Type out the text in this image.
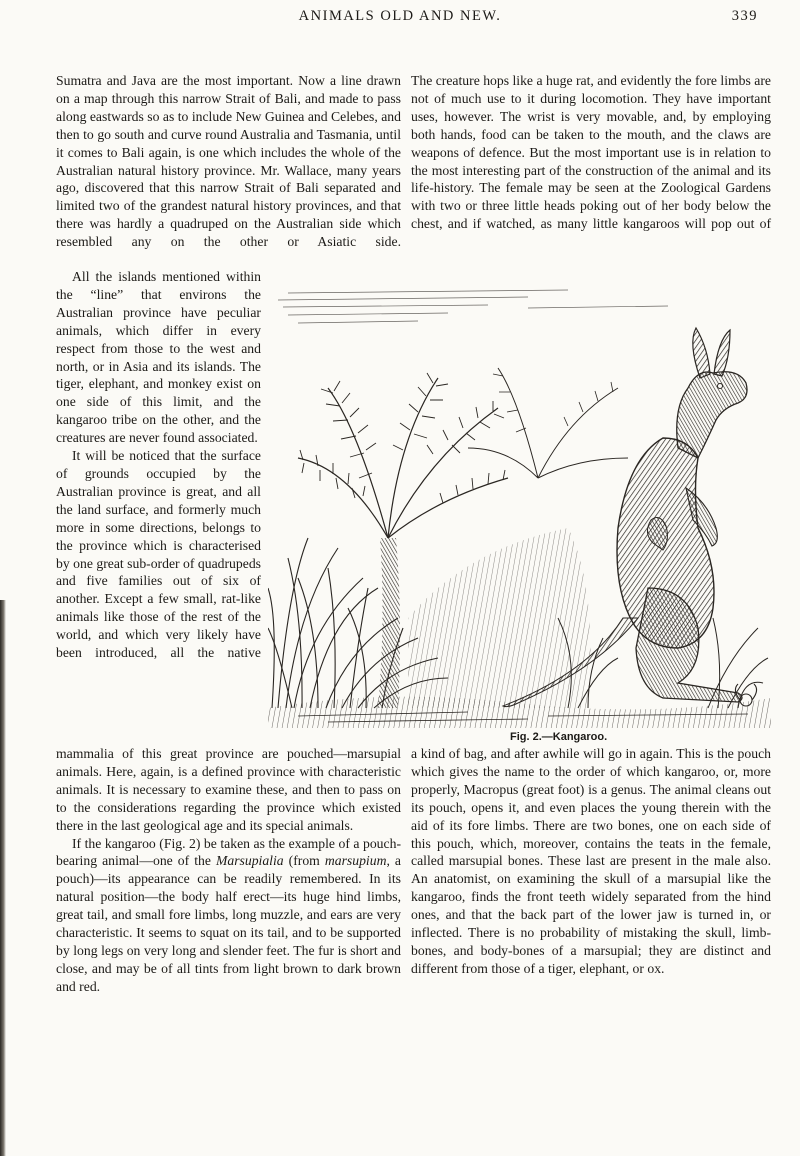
ANIMALS OLD AND NEW.	339

Sumatra and Java are the most important. Now a line drawn on a map through this narrow Strait of Bali, and made to pass along eastwards so as to include New Guinea and Celebes, and then to go south and curve round Australia and Tasmania, until it comes to Bali again, is one which includes the whole of the Australian natural history province. Mr. Wallace, many years ago, discovered that this narrow Strait of Bali separated and limited two of the grandest natural history provinces, and that there was hardly a quadruped on the Australian side which resembled any on the other or Asiatic side.

All the islands mentioned within the “line” that environs the Australian province have peculiar animals, which differ in every respect from those to the west and north, or in Asia and its islands. The tiger, elephant, and monkey exist on one side of this limit, and the kangaroo tribe on the other, and the creatures are never found associated.

It will be noticed that the surface of grounds occupied by the Australian province is great, and all the land surface, and formerly much more in some directions, belongs to the province which is characterised by one great sub-order of quadrupeds and five families out of six of another. Except a few small, rat-like animals like those of the rest of the world, and which very likely have been introduced, all the native

Fig. 2.—Kangaroo.

mammalia of this great province are pouched—marsupial animals. Here, again, is a defined province with characteristic animals. It is necessary to examine these, and then to pass on to the considerations regarding the province which existed there in the last geological age and its special animals.

If the kangaroo (Fig. 2) be taken as the example of a pouch-bearing animal—one of the Marsupialia (from marsupium, a pouch)—its appearance can be readily remembered. In its natural position—the body half erect—its huge hind limbs, great tail, and small fore limbs, long muzzle, and ears are very characteristic. It seems to squat on its tail, and to be supported by long legs on very long and slender feet. The fur is short and close, and may be of all tints from light brown to dark brown and red.

The creature hops like a huge rat, and evidently the fore limbs are not of much use to it during locomotion. They have important uses, however. The wrist is very movable, and, by employing both hands, food can be taken to the mouth, and the claws are weapons of defence. But the most important use is in relation to the most interesting part of the construction of the animal and its life-history. The female may be seen at the Zoological Gardens with two or three little heads poking out of her body below the chest, and if watched, as many little kangaroos will pop out of

a kind of bag, and after awhile will go in again. This is the pouch which gives the name to the order of which kangaroo, or, more properly, Macropus (great foot) is a genus. The animal cleans out its pouch, opens it, and even places the young therein with the aid of its fore limbs. There are two bones, one on each side of this pouch, which, moreover, contains the teats in the female, called marsupial bones. These last are present in the male also. An anatomist, on examining the skull of a marsupial like the kangaroo, finds the front teeth widely separated from the hind ones, and that the back part of the lower jaw is turned in, or inflected. There is no probability of mistaking the skull, limb-bones, and body-bones of a marsupial; they are distinct and different from those of a tiger, elephant, or ox.
